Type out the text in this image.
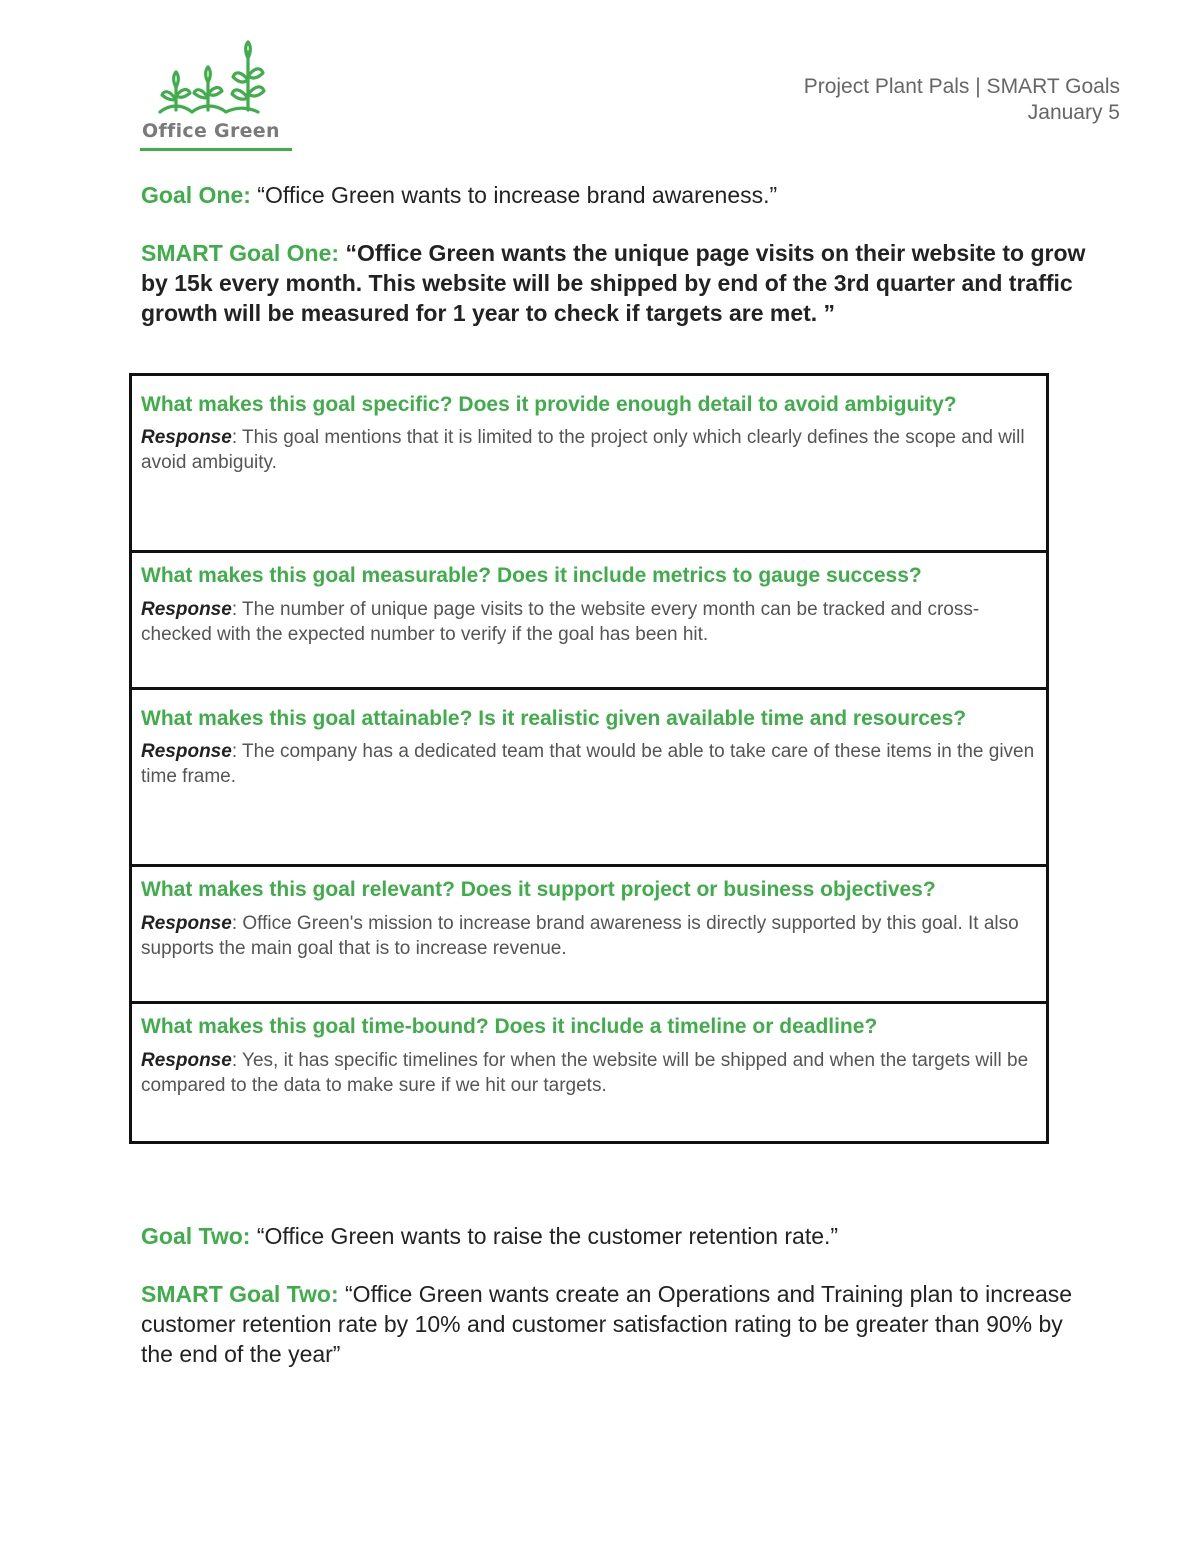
Office Green
Project Plant Pals | SMART Goals
January 5
Goal One: “Office Green wants to increase brand awareness.”
SMART Goal One: “Office Green wants the unique page visits on their website to grow by 15k every month. This website will be shipped by end of the 3rd quarter and traffic growth will be measured for 1 year to check if targets are met. ”
What makes this goal specific? Does it provide enough detail to avoid ambiguity?
Response: This goal mentions that it is limited to the project only which clearly defines the scope and will avoid ambiguity.
What makes this goal measurable? Does it include metrics to gauge success?
Response: The number of unique page visits to the website every month can be tracked and cross-checked with the expected number to verify if the goal has been hit.
What makes this goal attainable? Is it realistic given available time and resources?
Response: The company has a dedicated team that would be able to take care of these items in the given time frame.
What makes this goal relevant? Does it support project or business objectives?
Response: Office Green's mission to increase brand awareness is directly supported by this goal. It also supports the main goal that is to increase revenue.
What makes this goal time-bound? Does it include a timeline or deadline?
Response: Yes, it has specific timelines for when the website will be shipped and when the targets will be compared to the data to make sure if we hit our targets.
Goal Two: “Office Green wants to raise the customer retention rate.”
SMART Goal Two: “Office Green wants create an Operations and Training plan to increase customer retention rate by 10% and customer satisfaction rating to be greater than 90% by the end of the year”
